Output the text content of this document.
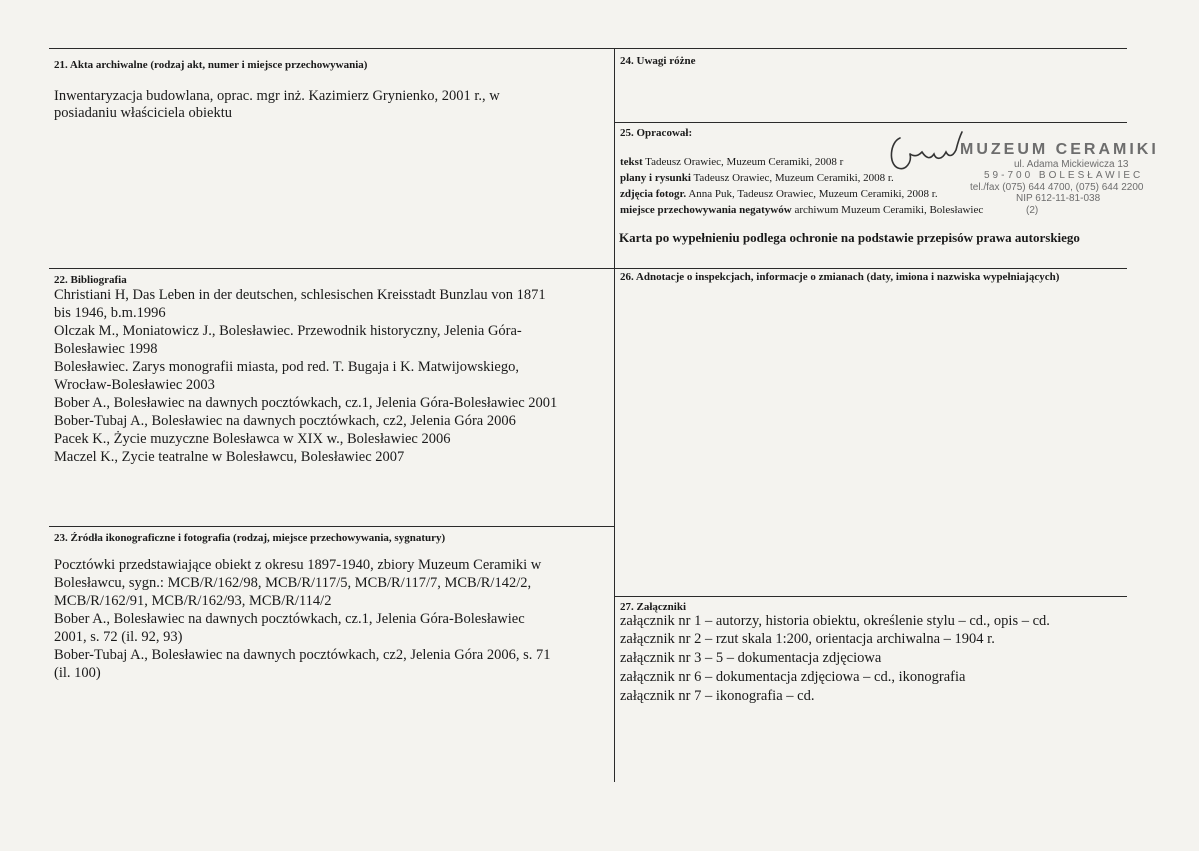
21. Akta archiwalne (rodzaj akt, numer i miejsce przechowywania)
Inwentaryzacja budowlana, oprac. mgr inż. Kazimierz Grynienko, 2001 r., w
posiadaniu właściciela obiektu
22. Bibliografia
Christiani H, Das Leben in der deutschen, schlesischen Kreisstadt Bunzlau von 1871
bis 1946, b.m.1996
Olczak M., Moniatowicz J., Bolesławiec. Przewodnik historyczny, Jelenia Góra-
Bolesławiec 1998
Bolesławiec. Zarys monografii miasta, pod red. T. Bugaja i K. Matwijowskiego,
Wrocław-Bolesławiec 2003
Bober A., Bolesławiec na dawnych pocztówkach, cz.1, Jelenia Góra-Bolesławiec 2001
Bober-Tubaj A., Bolesławiec na dawnych pocztówkach, cz2, Jelenia Góra 2006
Pacek K., Życie muzyczne Bolesławca w XIX w., Bolesławiec 2006
Maczel K., Zycie teatralne w Bolesławcu, Bolesławiec 2007
23. Źródła ikonograficzne i fotografia (rodzaj, miejsce przechowywania, sygnatury)
Pocztówki przedstawiające obiekt z okresu 1897-1940, zbiory Muzeum Ceramiki w
Bolesławcu, sygn.: MCB/R/162/98, MCB/R/117/5, MCB/R/117/7, MCB/R/142/2,
MCB/R/162/91, MCB/R/162/93, MCB/R/114/2
Bober A., Bolesławiec na dawnych pocztówkach, cz.1, Jelenia Góra-Bolesławiec
2001, s. 72 (il. 92, 93)
Bober-Tubaj A., Bolesławiec na dawnych pocztówkach, cz2, Jelenia Góra 2006, s. 71
(il. 100)
24. Uwagi różne
25. Opracował:
tekst Tadeusz Orawiec, Muzeum Ceramiki, 2008 r
plany i rysunki Tadeusz Orawiec, Muzeum Ceramiki, 2008 r.
zdjęcia fotogr. Anna Puk, Tadeusz Orawiec, Muzeum Ceramiki, 2008 r.
miejsce przechowywania negatywów archiwum Muzeum Ceramiki, Bolesławiec
Karta po wypełnieniu podlega ochronie na podstawie przepisów prawa autorskiego
MUZEUM CERAMIKI
ul. Adama Mickiewicza 13
59-700 BOLESŁAWIEC
tel./fax (075) 644 4700, (075) 644 2200
NIP 612-11-81-038
(2)
26. Adnotacje o inspekcjach, informacje o zmianach (daty, imiona i nazwiska wypełniających)
27. Załączniki
załącznik nr 1 – autorzy, historia obiektu, określenie stylu – cd., opis – cd.
załącznik nr 2 – rzut skala 1:200, orientacja archiwalna – 1904 r.
załącznik nr 3 – 5 – dokumentacja zdjęciowa
załącznik nr 6 – dokumentacja zdjęciowa – cd., ikonografia
załącznik nr 7 – ikonografia – cd.
